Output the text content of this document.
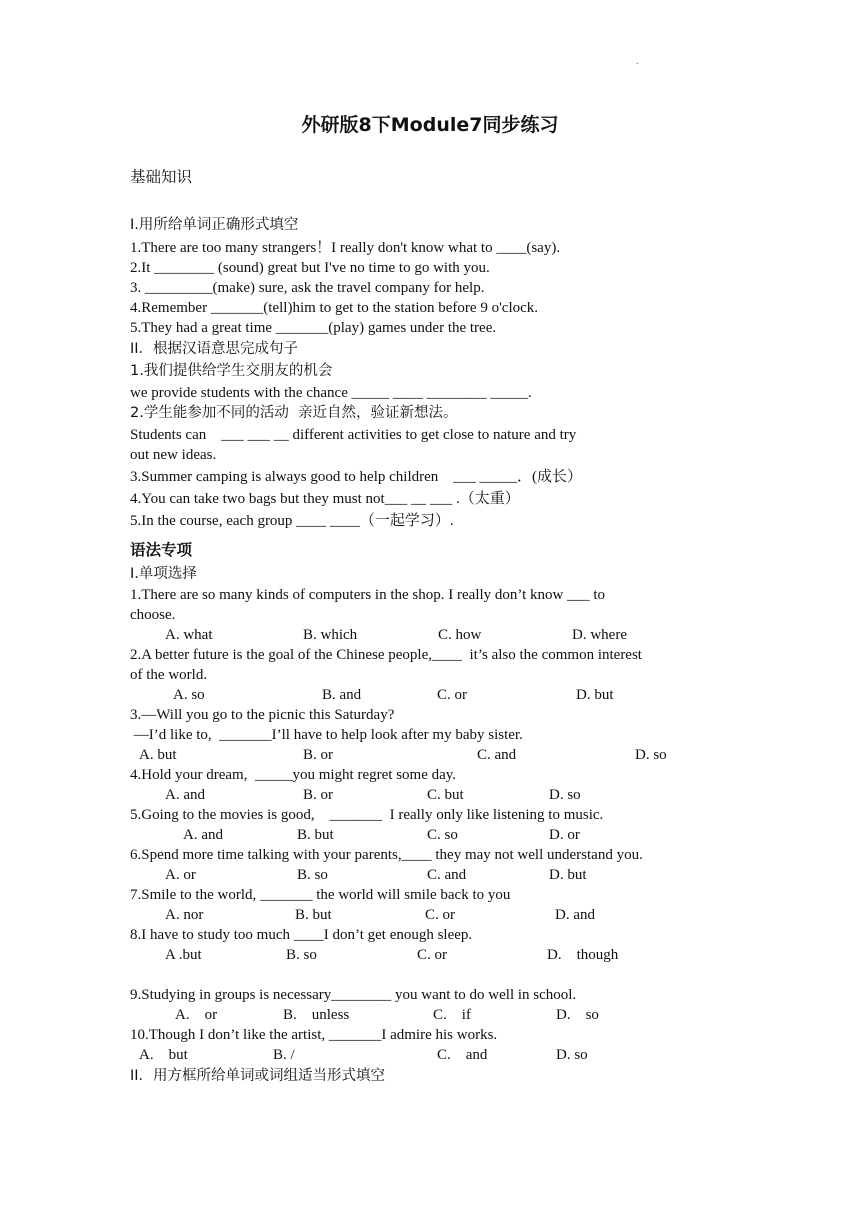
.
外研版8下Module7同步练习
基础知识
I.用所给单词正确形式填空
1.There are too many strangers！I really don't know what to ____(say).
2.It ________ (sound) great but I've no time to go with you.
3. _________(make) sure, ask the travel company for help.
4.Remember _______(tell)him to get to the station before 9 o'clock.
5.They had a great time _______(play) games under the tree.
II．根据汉语意思完成句子
1.我们提供给学生交朋友的机会
we provide students with the chance _____ ____ ________ _____.
2.学生能参加不同的活动  亲近自然，验证新想法。
Students can    ___ ___ __ different activities to get close to nature and try
out new ideas.
3.Summer camping is always good to help children    ___ _____．(成长）
4.You can take two bags but they must not___ __ ___ .（太重）
5.In the course, each group ____ ____（一起学习）.
语法专项
I.单项选择
1.There are so many kinds of computers in the shop. I really don’t know ___ to
choose.

A. what

	B. which

	C. how

	D. where

2.A better future is the goal of the Chinese people,____  it’s also the common interest
of the world.

A. so

	B. and

	C. or

	D. but

3.—Will you go to the picnic this Saturday?
—I’d like to,  _______I’ll have to help look after my baby sister.

A. but

	B. or

	C. and

	D. so

4.Hold your dream,  _____you might regret some day.

A. and

	B. or

	C. but

	D. so

5.Going to the movies is good,    _______  I really only like listening to music.

A. and

	B. but

	C. so

	D. or

6.Spend more time talking with your parents,____ they may not well understand you.

A. or

	B. so

	C. and

	D. but

7.Smile to the world, _______ the world will smile back to you

A. nor

	B. but

	C. or

	D. and

8.I have to study too much ____I don’t get enough sleep.

A .but

	B. so

	C. or

	D.    though

9.Studying in groups is necessary________ you want to do well in school.

A.    or

	B.    unless

	C.    if

	D.    so

10.Though I don’t like the artist, _______I admire his works.

A.    but

	B. /

	C.    and

	D. so

II．用方框所给单词或词组适当形式填空
